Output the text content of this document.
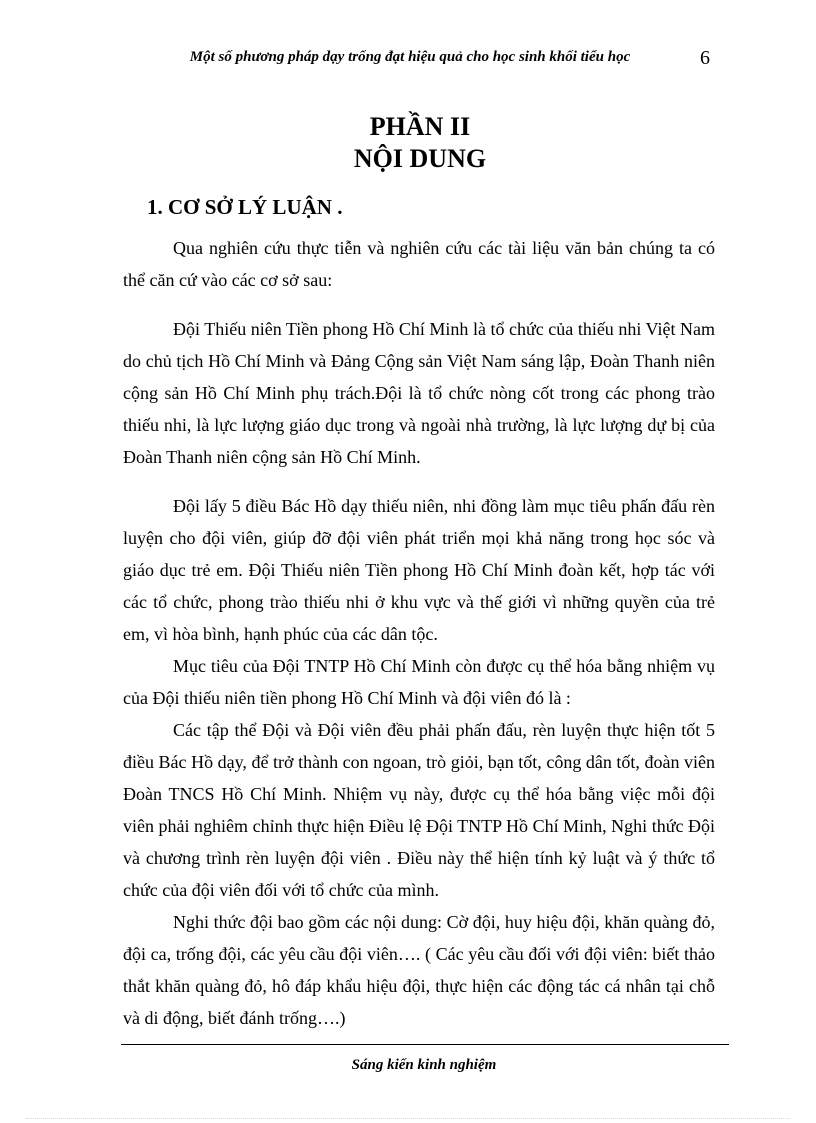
Một số phương pháp dạy trống đạt hiệu quả cho học sinh khối tiểu học	6
PHẦN II
NỘI DUNG
1. CƠ SỞ LÝ LUẬN .

Qua nghiên cứu thực tiễn và nghiên cứu các tài liệu văn bản chúng ta có thể căn cứ vào các cơ sở sau:

Đội Thiếu niên Tiền phong Hồ Chí Minh là tổ chức của thiếu nhi Việt Nam do chủ tịch Hồ Chí Minh và Đảng Cộng sản Việt Nam sáng lập, Đoàn Thanh niên cộng sản Hồ Chí Minh phụ trách.Đội là tổ chức nòng cốt trong các phong trào thiếu nhi, là lực lượng giáo dục trong và ngoài nhà trường, là lực lượng dự bị của Đoàn Thanh niên cộng sản Hồ Chí Minh.

Đội lấy 5 điều Bác Hồ dạy thiếu niên, nhi đồng làm mục tiêu phấn đấu rèn luyện cho đội viên, giúp đỡ đội viên phát triển mọi khả năng trong học sóc và giáo dục trẻ em. Đội Thiếu niên Tiền phong Hồ Chí Minh đoàn kết, hợp tác với các tổ chức, phong trào thiếu nhi ở khu vực và thế giới vì những quyền của trẻ em, vì hòa bình, hạnh phúc của các dân tộc.

Mục tiêu của Đội TNTP Hồ Chí Minh còn được cụ thể hóa bằng nhiệm vụ của Đội thiếu niên tiền phong Hồ Chí Minh và đội viên đó là :

Các tập thể Đội và Đội viên đều phải phấn đấu, rèn luyện thực hiện tốt 5 điều Bác Hồ dạy, để trở thành con ngoan, trò giỏi, bạn tốt, công dân tốt, đoàn viên Đoàn TNCS Hồ Chí Minh. Nhiệm vụ này, được cụ thể hóa bằng việc mỗi đội viên phải nghiêm chỉnh thực hiện Điều lệ Đội TNTP Hồ Chí Minh, Nghi thức Đội và chương trình rèn luyện đội viên . Điều này thể hiện tính kỷ luật và ý thức tổ chức của đội viên đối với tổ chức của mình.

Nghi thức đội bao gồm các nội dung: Cờ đội, huy hiệu đội, khăn quàng đỏ, đội ca, trống đội, các yêu cầu đội viên…. ( Các yêu cầu đối với đội viên: biết thảo thắt khăn quàng đỏ, hô đáp khẩu hiệu đội, thực hiện các động tác cá nhân tại chỗ và di động, biết đánh trống….)

Sáng kiến kinh nghiệm
